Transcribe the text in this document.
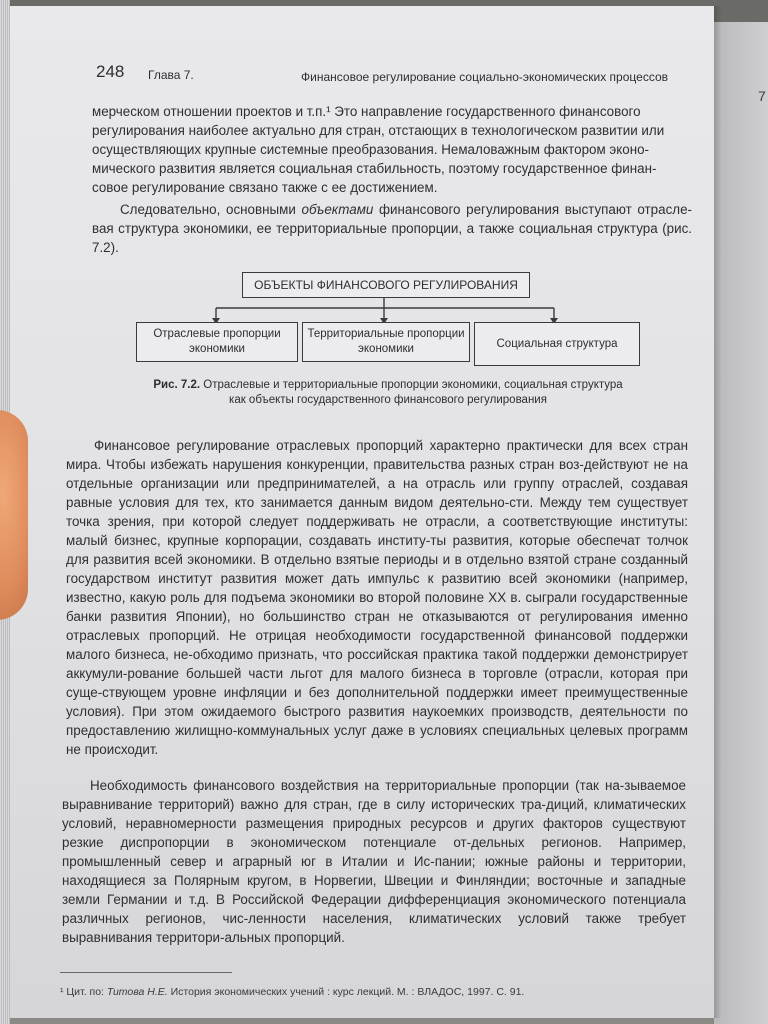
7
248 Глава 7.	Финансовое регулирование социально-экономических процессов

мерческом отношении проектов и т.п.¹ Это направление государственного финансового

регулирования наиболее актуально для стран, отстающих в технологическом развитии или

осуществляющих крупные системные преобразования. Немаловажным фактором эконо-

мического развития является социальная стабильность, поэтому государственное финан-

совое регулирование связано также с ее достижением.

Следовательно, основными объектами финансового регулирования выступают отрасле-вая структура экономики, ее территориальные пропорции, а также социальная структура (рис. 7.2).

ОБЪЕКТЫ ФИНАНСОВОГО РЕГУЛИРОВАНИЯ
Отраслевые пропорции экономики
Территориальные пропорции экономики	Социальная структура
Рис. 7.2. Отраслевые и территориальные пропорции экономики, социальная структура как объекты государственного финансового регулирования

Финансовое регулирование отраслевых пропорций характерно практически для всех стран мира. Чтобы избежать нарушения конкуренции, правительства разных стран воз-действуют не на отдельные организации или предпринимателей, а на отрасль или группу отраслей, создавая равные условия для тех, кто занимается данным видом деятельно-сти. Между тем существует точка зрения, при которой следует поддерживать не отрасли, а соответствующие институты: малый бизнес, крупные корпорации, создавать институ-ты развития, которые обеспечат толчок для развития всей экономики. В отдельно взятые периоды и в отдельно взятой стране созданный государством институт развития может дать импульс к развитию всей экономики (например, известно, какую роль для подъема экономики во второй половине XX в. сыграли государственные банки развития Японии), но большинство стран не отказываются от регулирования именно отраслевых пропорций. Не отрицая необходимости государственной финансовой поддержки малого бизнеса, не-обходимо признать, что российская практика такой поддержки демонстрирует аккумули-рование большей части льгот для малого бизнеса в торговле (отрасли, которая при суще-ствующем уровне инфляции и без дополнительной поддержки имеет преимущественные условия). При этом ожидаемого быстрого развития наукоемких производств, деятельности по предоставлению жилищно-коммунальных услуг даже в условиях специальных целевых программ не происходит.

Необходимость финансового воздействия на территориальные пропорции (так на-зываемое выравнивание территорий) важно для стран, где в силу исторических тра-диций, климатических условий, неравномерности размещения природных ресурсов и других факторов существуют резкие диспропорции в экономическом потенциале от-дельных регионов. Например, промышленный север и аграрный юг в Италии и Ис-пании; южные районы и территории, находящиеся за Полярным кругом, в Норвегии, Швеции и Финляндии; восточные и западные земли Германии и т.д. В Российской Федерации дифференциация экономического потенциала различных регионов, чис-ленности населения, климатических условий также требует выравнивания территори-альных пропорций.

¹ Цит. по: Титова Н.Е. История экономических учений : курс лекций. М. : ВЛАДОС, 1997. С. 91.
